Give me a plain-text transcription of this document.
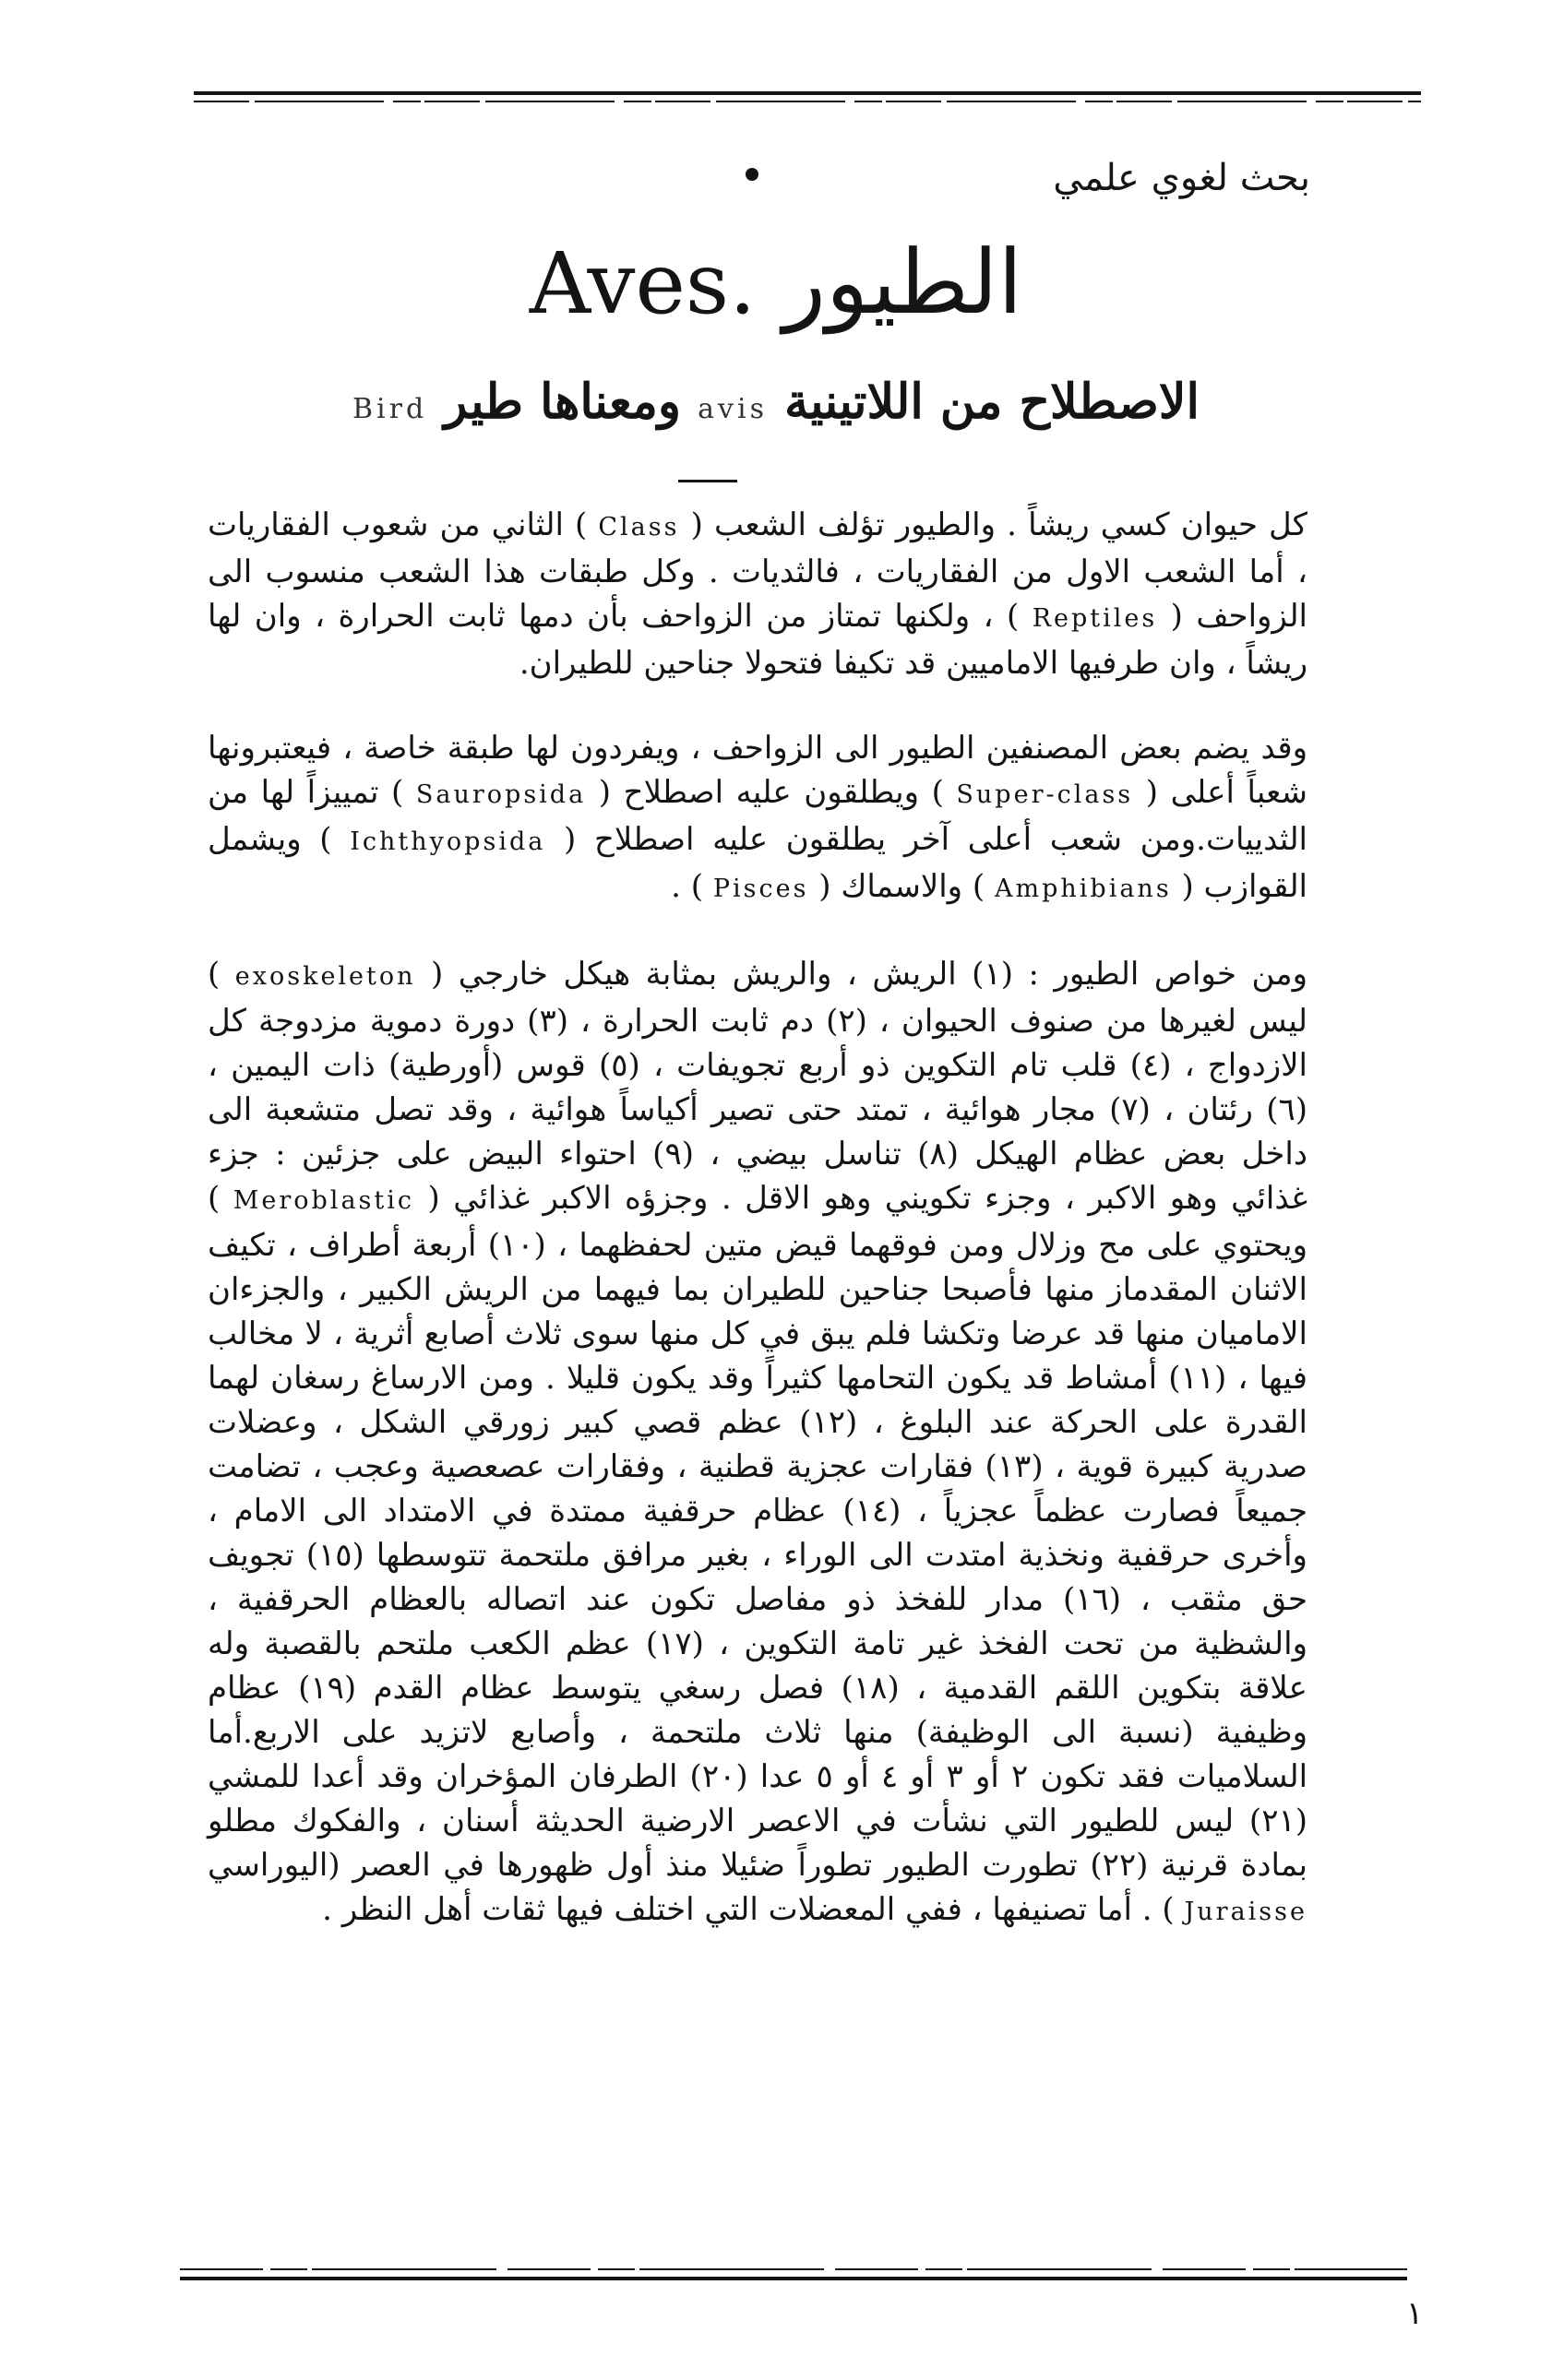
بحث لغوي علمي
Aves. الطيور
الاصطلاح من اللاتينية avis ومعناها طير Bird

كل حيوان كسي ريشاً . والطيور تؤلف الشعب ( Class ) الثاني من شعوب الفقاريات ، أما الشعب الاول من الفقاريات ، فالثديات . وكل طبقات هذا الشعب منسوب الى الزواحف ( Reptiles ) ، ولكنها تمتاز من الزواحف بأن دمها ثابت الحرارة ، وان لها ريشاً ، وان طرفيها الاماميين قد تكيفا فتحولا جناحين للطيران.

وقد يضم بعض المصنفين الطيور الى الزواحف ، ويفردون لها طبقة خاصة ، فيعتبرونها شعباً أعلى ( Super-class ) ويطلقون عليه اصطلاح ( Sauropsida ) تمييزاً لها من الثدييات.ومن شعب أعلى آخر يطلقون عليه اصطلاح ( Ichthyopsida ) ويشمل القوازب ( Amphibians ) والاسماك ( Pisces ) .

ومن خواص الطيور : (١) الريش ، والريش بمثابة هيكل خارجي ( exoskeleton ) ليس لغيرها من صنوف الحيوان ، (٢) دم ثابت الحرارة ، (٣) دورة دموية مزدوجة كل الازدواج ، (٤) قلب تام التكوين ذو أربع تجويفات ، (٥) قوس (أورطية) ذات اليمين ، (٦) رئتان ، (٧) مجار هوائية ، تمتد حتى تصير أكياساً هوائية ، وقد تصل متشعبة الى داخل بعض عظام الهيكل (٨) تناسل بيضي ، (٩) احتواء البيض على جزئين : جزء غذائي وهو الاكبر ، وجزء تكويني وهو الاقل . وجزؤه الاكبر غذائي ( Meroblastic ) ويحتوي على مح وزلال ومن فوقهما قيض متين لحفظهما ، (١٠) أربعة أطراف ، تكيف الاثنان المقدماز منها فأصبحا جناحين للطيران بما فيهما من الريش الكبير ، والجزءان الاماميان منها قد عرضا وتكشا فلم يبق في كل منها سوى ثلاث أصابع أثرية ، لا مخالب فيها ، (١١) أمشاط قد يكون التحامها كثيراً وقد يكون قليلا . ومن الارساغ رسغان لهما القدرة على الحركة عند البلوغ ، (١٢) عظم قصي كبير زورقي الشكل ، وعضلات صدرية كبيرة قوية ، (١٣) فقارات عجزية قطنية ، وفقارات عصعصية وعجب ، تضامت جميعاً فصارت عظماً عجزياً ، (١٤) عظام حرقفية ممتدة في الامتداد الى الامام ، وأخرى حرقفية ونخذية امتدت الى الوراء ، بغير مرافق ملتحمة تتوسطها (١٥) تجويف حق مثقب ، (١٦) مدار للفخذ ذو مفاصل تكون عند اتصاله بالعظام الحرقفية ، والشظية من تحت الفخذ غير تامة التكوين ، (١٧) عظم الكعب ملتحم بالقصبة وله علاقة بتكوين اللقم القدمية ، (١٨) فصل رسغي يتوسط عظام القدم (١٩) عظام وظيفية (نسبة الى الوظيفة) منها ثلاث ملتحمة ، وأصابع لاتزيد على الاربع.أما السلاميات فقد تكون ٢ أو ٣ أو ٤ أو ٥ عدا (٢٠) الطرفان المؤخران وقد أعدا للمشي (٢١) ليس للطيور التي نشأت في الاعصر الارضية الحديثة أسنان ، والفكوك مطلو بمادة قرنية (٢٢) تطورت الطيور تطوراً ضئيلا منذ أول ظهورها في العصر (اليوراسي Juraisse ) . أما تصنيفها ، ففي المعضلات التي اختلف فيها ثقات أهل النظر .

١
